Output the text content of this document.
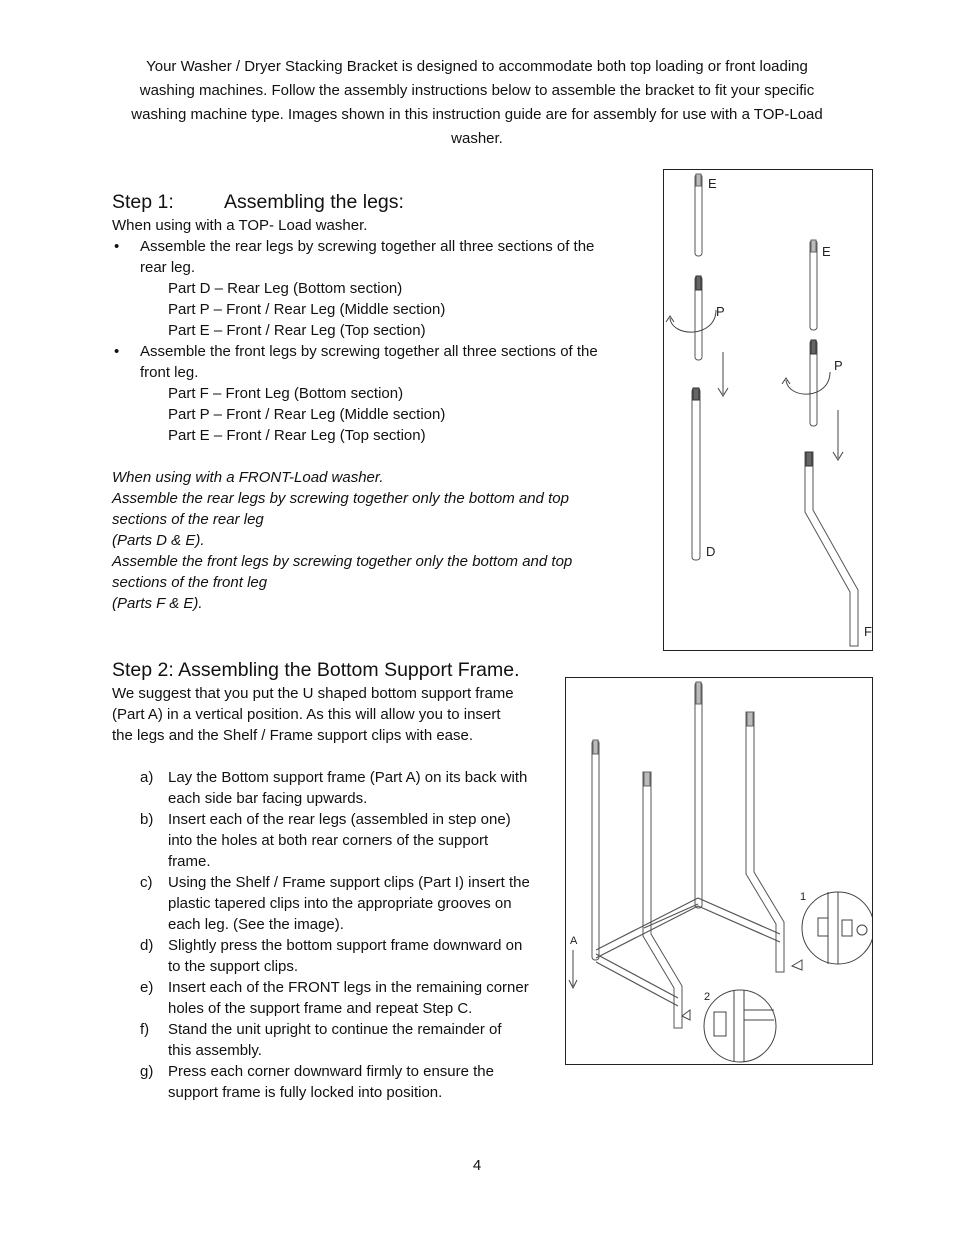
Your Washer / Dryer Stacking Bracket is designed to accommodate both top loading or front loading
washing machines. Follow the assembly instructions below to assemble the bracket to fit your specific
washing machine type. Images shown in this instruction guide are for assembly for use with a TOP-Load
washer.
Step 1:	Assembling the legs:
When using with a TOP- Load washer.
• Assemble the rear legs by screwing together all three sections of the
rear leg.
Part D – Rear Leg (Bottom section)
Part P – Front / Rear Leg (Middle section)
Part E – Front / Rear Leg (Top section)
• Assemble the front legs by screwing together all three sections of the
front leg.
Part F – Front Leg (Bottom section)
Part P – Front / Rear Leg (Middle section)
Part E – Front / Rear Leg (Top section)
When using with a FRONT-Load washer.
Assemble the rear legs by screwing together only the bottom and top
sections of the rear leg
(Parts D & E).
Assemble the front legs by screwing together only the bottom and top
sections of the front leg
(Parts F & E).
E
P
D
E
P
F
Step 2: Assembling the Bottom Support Frame.
We suggest that you put the U shaped bottom support frame
(Part A) in a vertical position. As this will allow you to insert
the legs and the Shelf / Frame support clips with ease.
a) Lay the Bottom support frame (Part A) on its back with
each side bar facing upwards.
b) Insert each of the rear legs (assembled in step one)
into the holes at both rear corners of the support
frame.
c) Using the Shelf / Frame support clips (Part I) insert the
plastic tapered clips into the appropriate grooves on
each leg. (See the image).
d) Slightly press the bottom support frame downward on
to the support clips.
e) Insert each of the FRONT legs in the remaining corner
holes of the support frame and repeat Step C.
f) Stand the unit upright to continue the remainder of
this assembly.
g) Press each corner downward firmly to ensure the
support frame is fully locked into position.
A
1
2
4
